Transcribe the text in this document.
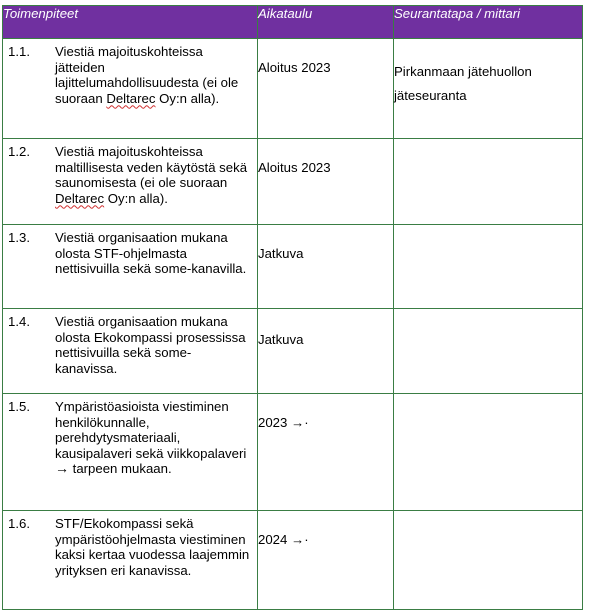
Toimenpiteet	Aikataulu	Seurantatapa / mittari

1.1. Viestiä majoituskohteissa jätteiden lajittelumahdollisuudesta (ei ole suoraan Deltarec Oy:n alla).	Aloitus 2023	Pirkanmaan jätehuollon jäteseuranta

1.2. Viestiä majoituskohteissa maltillisesta veden käytöstä sekä saunomisesta (ei ole suoraan Deltarec Oy:n alla).	Aloitus 2023	

1.3. Viestiä organisaation mukana olosta STF-ohjelmasta nettisivuilla sekä some-kanavilla.	Jatkuva	

1.4. Viestiä organisaation mukana olosta Ekokompassi prosessissa nettisivuilla sekä some-kanavissa.	Jatkuva	

1.5. Ympäristöasioista viestiminen henkilökunnalle, perehdytysmateriaali, kausipalaveri sekä viikkopalaveri → tarpeen mukaan.	2023 →·	

1.6. STF/Ekokompassi sekä ympäristöohjelmasta viestiminen kaksi kertaa vuodessa laajemmin yrityksen eri kanavissa.	2024 →·	
